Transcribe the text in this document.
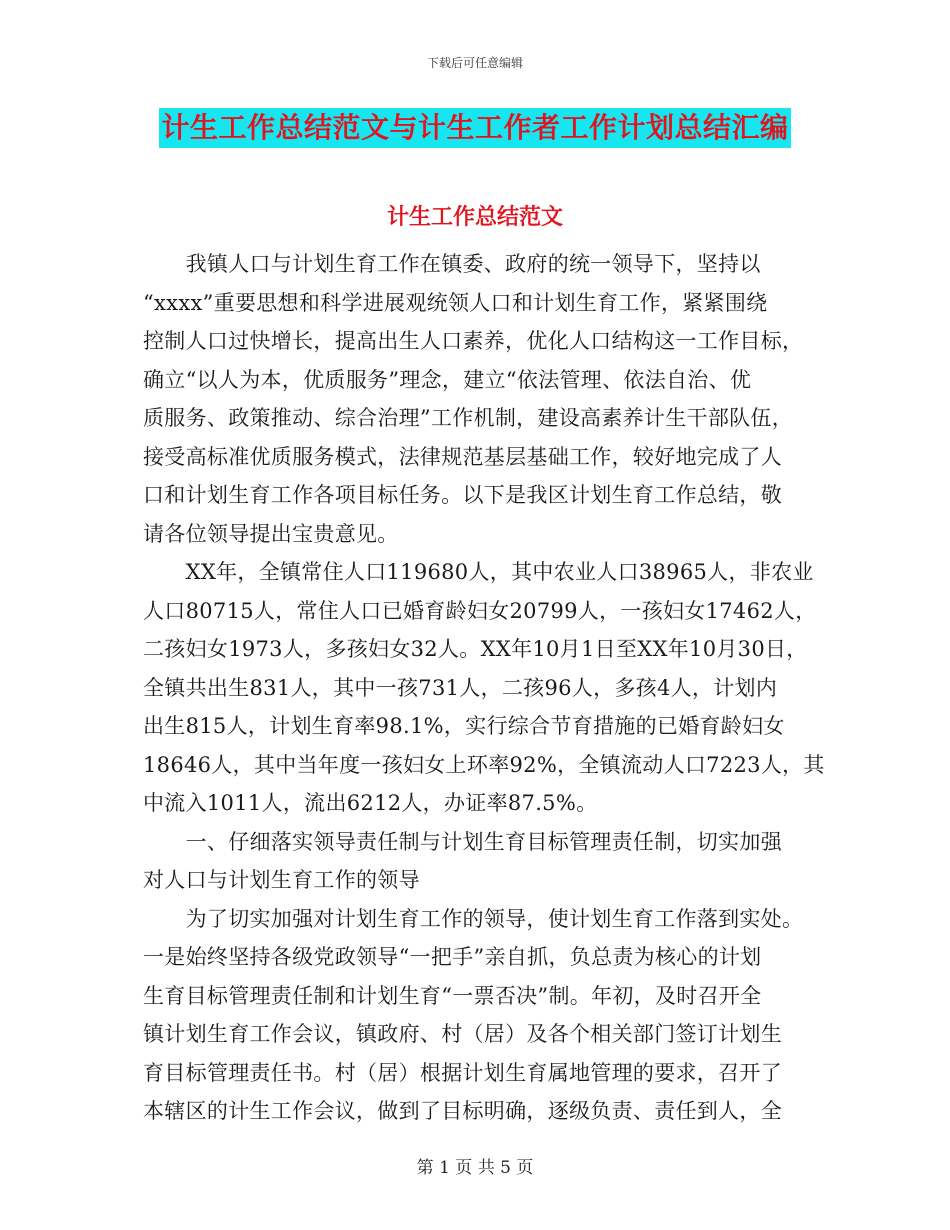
下载后可任意编辑
计生工作总结范文与计生工作者工作计划总结汇编
计生工作总结范文
　　我镇人口与计划生育工作在镇委、政府的统一领导下，坚持以
“xxxx”重要思想和科学进展观统领人口和计划生育工作，紧紧围绕
控制人口过快增长，提高出生人口素养，优化人口结构这一工作目标，
确立“以人为本，优质服务”理念，建立“依法管理、依法自治、优
质服务、政策推动、综合治理”工作机制，建设高素养计生干部队伍，
接受高标准优质服务模式，法律规范基层基础工作，较好地完成了人
口和计划生育工作各项目标任务。以下是我区计划生育工作总结，敬
请各位领导提出宝贵意见。
　　XX年，全镇常住人口119680人，其中农业人口38965人，非农业
人口80715人，常住人口已婚育龄妇女20799人，一孩妇女17462人，
二孩妇女1973人，多孩妇女32人。XX年10月1日至XX年10月30日，
全镇共出生831人，其中一孩731人，二孩96人，多孩4人，计划内
出生815人，计划生育率98.1%，实行综合节育措施的已婚育龄妇女
18646人，其中当年度一孩妇女上环率92%，全镇流动人口7223人，其
中流入1011人，流出6212人，办证率87.5%。
　　一、仔细落实领导责任制与计划生育目标管理责任制，切实加强
对人口与计划生育工作的领导
　　为了切实加强对计划生育工作的领导，使计划生育工作落到实处。
一是始终坚持各级党政领导“一把手”亲自抓，负总责为核心的计划
生育目标管理责任制和计划生育“一票否决”制。年初，及时召开全
镇计划生育工作会议，镇政府、村（居）及各个相关部门签订计划生
育目标管理责任书。村（居）根据计划生育属地管理的要求，召开了
本辖区的计生工作会议，做到了目标明确，逐级负责、责任到人，全
第 1 页 共 5 页
